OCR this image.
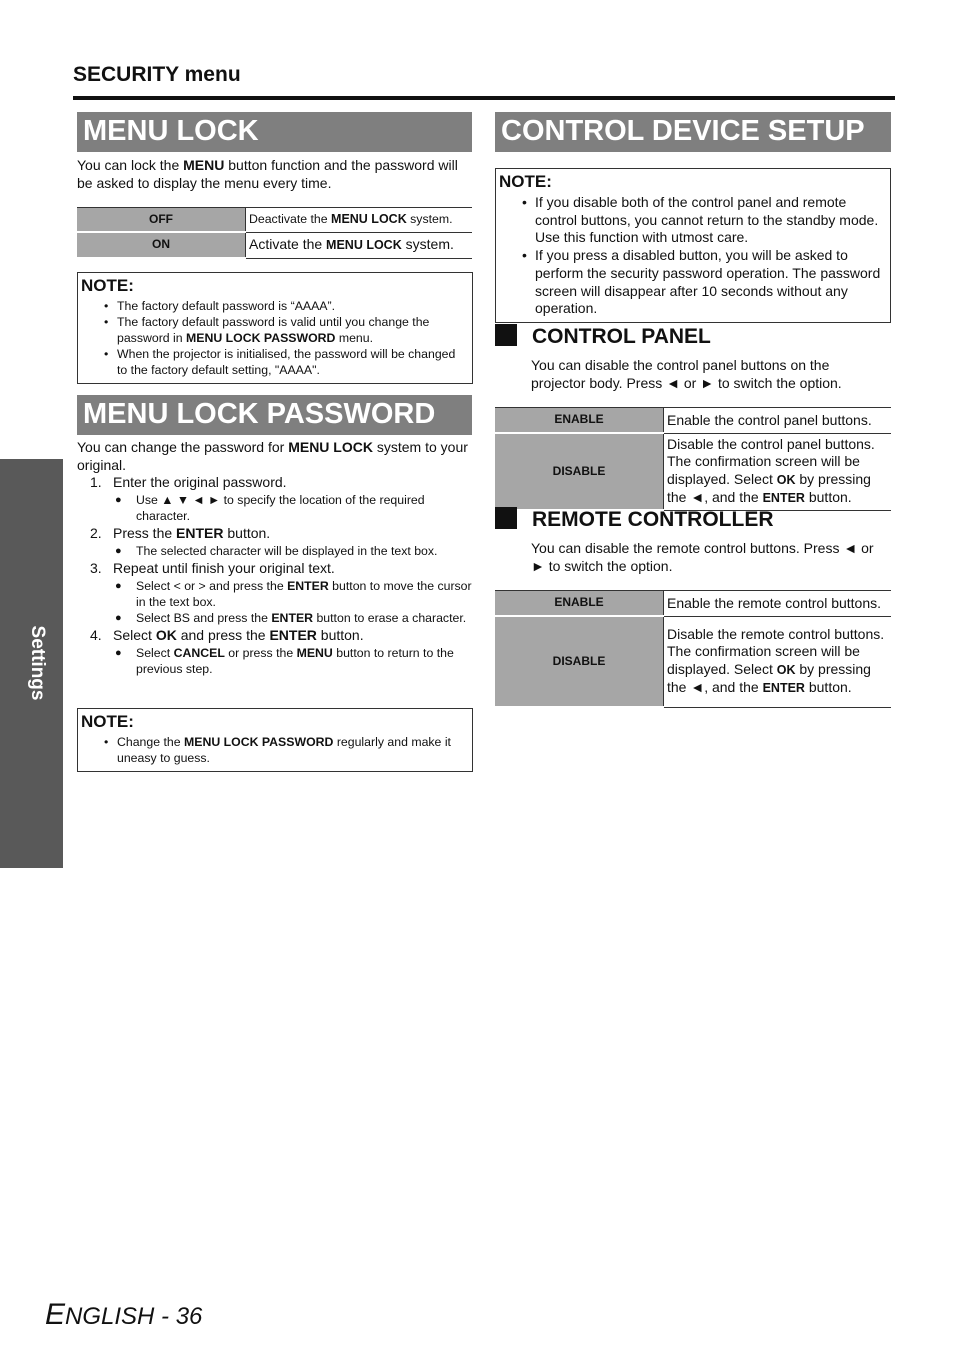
SECURITY menu
Settings
MENU LOCK
You can lock the MENU button function and the password will be asked to display the menu every time.
OFF	Deactivate the MENU LOCK system.
ON	Activate the MENU LOCK system.
NOTE:
• The factory default password is “AAAA”.
• The factory default password is valid until you change the password in MENU LOCK PASSWORD menu.
• When the projector is initialised, the password will be changed to the factory default setting, "AAAA".
MENU LOCK PASSWORD
You can change the password for MENU LOCK system to your original.
1. Enter the original password.
● Use ▲ ▼ ◄ ► to specify the location of the required character.
2. Press the ENTER button.
● The selected character will be displayed in the text box.
3. Repeat until finish your original text.
● Select < or > and press the ENTER button to move the cursor in the text box.
● Select BS and press the ENTER button to erase a character.
4. Select OK and press the ENTER button.
● Select CANCEL or press the MENU button to return to the previous step.
NOTE:
• Change the MENU LOCK PASSWORD regularly and make it uneasy to guess.
CONTROL DEVICE SETUP
NOTE:
• If you disable both of the control panel and remote control buttons, you cannot return to the standby mode. Use this function with utmost care.
• If you press a disabled button, you will be asked to perform the security password operation. The password screen will disappear after 10 seconds without any operation.
CONTROL PANEL
You can disable the control panel buttons on the projector body. Press ◄ or ► to switch the option.
ENABLE	Enable the control panel buttons.
DISABLE	Disable the control panel buttons. The confirmation screen will be displayed. Select OK by pressing the ◄, and the ENTER button.
REMOTE CONTROLLER
You can disable the remote control buttons. Press ◄ or ► to switch the option.
ENABLE	Enable the remote control buttons.
DISABLE	Disable the remote control buttons. The confirmation screen will be displayed. Select OK by pressing the ◄, and the ENTER button.
ENGLISH - 36
